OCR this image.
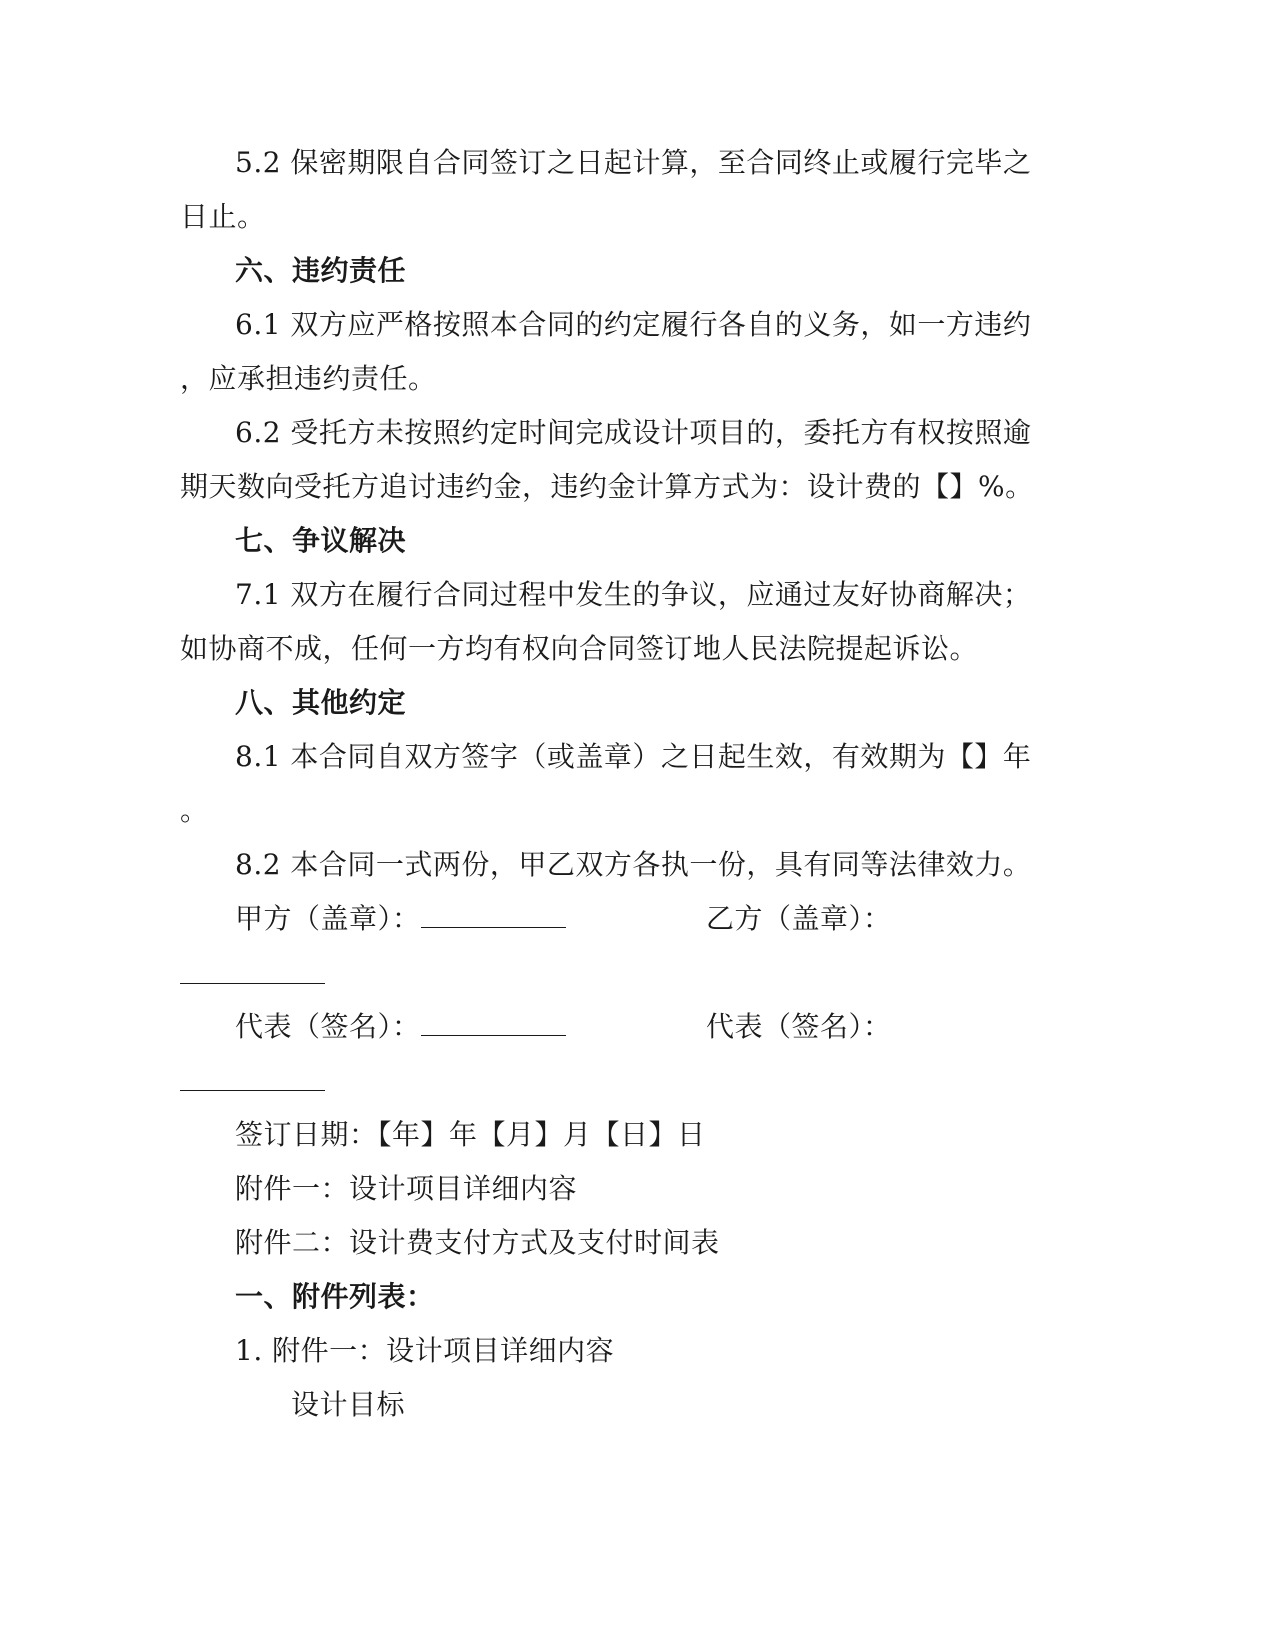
5.2 保密期限自合同签订之日起计算，至合同终止或履行完毕之
日止。
六、违约责任
6.1 双方应严格按照本合同的约定履行各自的义务，如一方违约
，应承担违约责任。
6.2 受托方未按照约定时间完成设计项目的，委托方有权按照逾
期天数向受托方追讨违约金，违约金计算方式为：设计费的【】%。
七、争议解决
7.1 双方在履行合同过程中发生的争议，应通过友好协商解决；
如协商不成，任何一方均有权向合同签订地人民法院提起诉讼。
八、其他约定
8.1 本合同自双方签字（或盖章）之日起生效，有效期为【】年
。
8.2 本合同一式两份，甲乙双方各执一份，具有同等法律效力。
甲方（盖章）：	乙方（盖章）：
代表（签名）：	代表（签名）：
签订日期：【年】年【月】月【日】日
附件一：设计项目详细内容
附件二：设计费支付方式及支付时间表
一、附件列表：
1. 附件一：设计项目详细内容
设计目标
